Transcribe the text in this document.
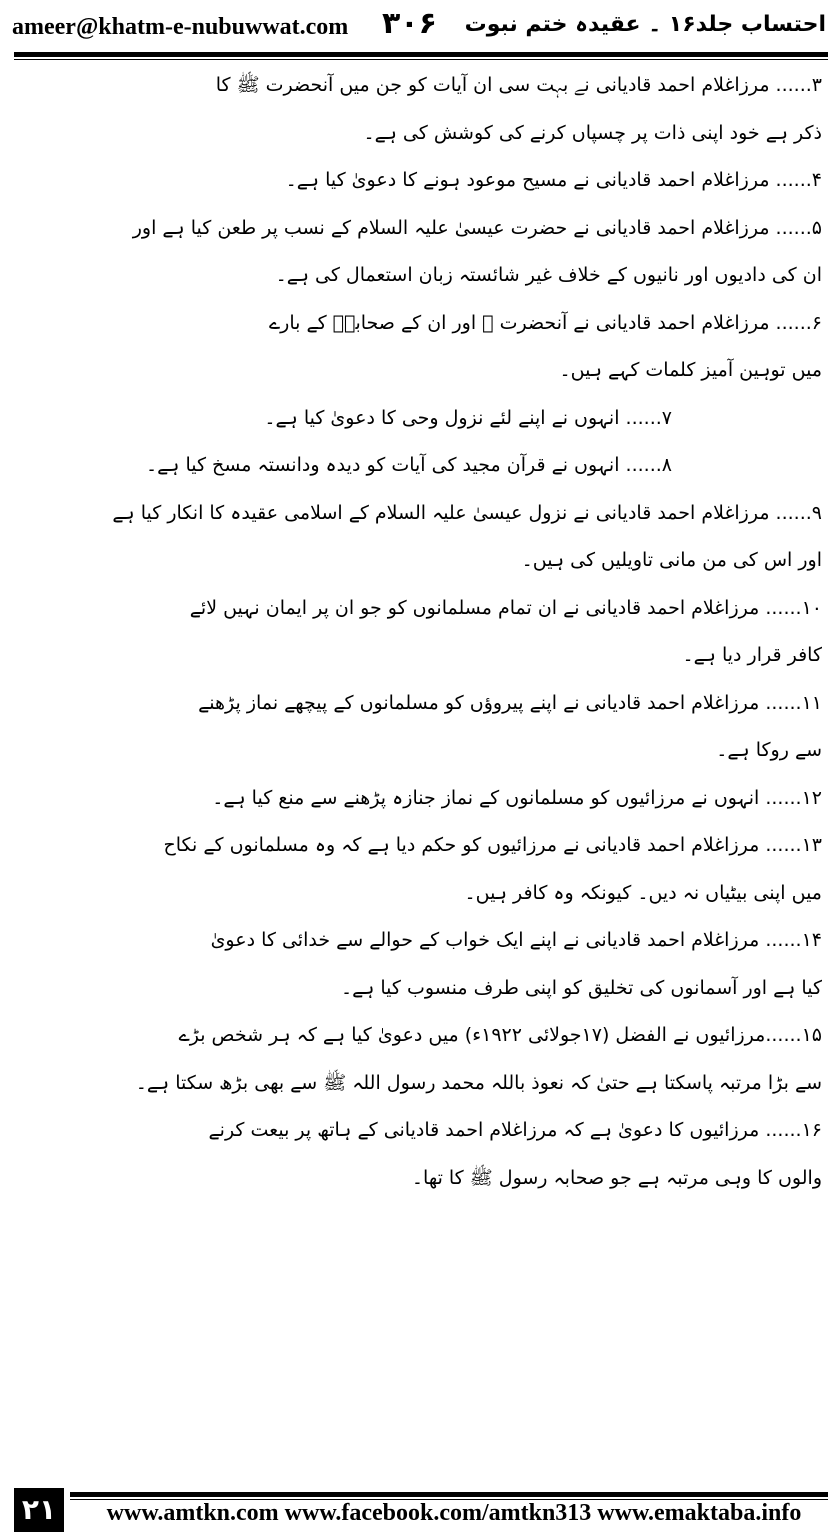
ameer@khatm-e-nubuwwat.com ۳۰۶ احتساب جلد۱۶ ۔ عقیدہ ختم نبوت
۳...... مرزاغلام احمد قادیانی نے بہت سی ان آیات کو جن میں آنحضرت ﷺ کا
ذکر ہے خود اپنی ذات پر چسپاں کرنے کی کوشش کی ہے۔
۴...... مرزاغلام احمد قادیانی نے مسیح موعود ہونے کا دعویٰ کیا ہے۔
۵...... مرزاغلام احمد قادیانی نے حضرت عیسیٰ علیہ السلام کے نسب پر طعن کیا ہے اور
ان کی دادیوں اور نانیوں کے خلاف غیر شائستہ زبان استعمال کی ہے۔
۶...... مرزاغلام احمد قادیانی نے آنحضرت ﷺ اور ان کے صحابہؓ کے بارے
میں توہین آمیز کلمات کہے ہیں۔
۷...... انہوں نے اپنے لئے نزول وحی کا دعویٰ کیا ہے۔
۸...... انہوں نے قرآن مجید کی آیات کو دیدہ ودانستہ مسخ کیا ہے۔
۹...... مرزاغلام احمد قادیانی نے نزول عیسیٰ علیہ السلام کے اسلامی عقیدہ کا انکار کیا ہے
اور اس کی من مانی تاویلیں کی ہیں۔
۱۰...... مرزاغلام احمد قادیانی نے ان تمام مسلمانوں کو جو ان پر ایمان نہیں لائے
کافر قرار دیا ہے۔
۱۱...... مرزاغلام احمد قادیانی نے اپنے پیروؤں کو مسلمانوں کے پیچھے نماز پڑھنے
سے روکا ہے۔
۱۲...... انہوں نے مرزائیوں کو مسلمانوں کے نماز جنازہ پڑھنے سے منع کیا ہے۔
۱۳...... مرزاغلام احمد قادیانی نے مرزائیوں کو حکم دیا ہے کہ وہ مسلمانوں کے نکاح
میں اپنی بیٹیاں نہ دیں۔ کیونکہ وہ کافر ہیں۔
۱۴...... مرزاغلام احمد قادیانی نے اپنے ایک خواب کے حوالے سے خدائی کا دعویٰ
کیا ہے اور آسمانوں کی تخلیق کو اپنی طرف منسوب کیا ہے۔
۱۵......مرزائیوں نے الفضل (۱۷جولائی ۱۹۲۲ء) میں دعویٰ کیا ہے کہ ہر شخص بڑے
سے بڑا مرتبہ پاسکتا ہے حتیٰ کہ نعوذ باللہ محمد رسول اللہ ﷺ سے بھی بڑھ سکتا ہے۔
۱۶...... مرزائیوں کا دعویٰ ہے کہ مرزاغلام احمد قادیانی کے ہاتھ پر بیعت کرنے
والوں کا وہی مرتبہ ہے جو صحابہ رسول ﷺ کا تھا۔
۲۱	www.amtkn.com www.facebook.com/amtkn313 www.emaktaba.info
